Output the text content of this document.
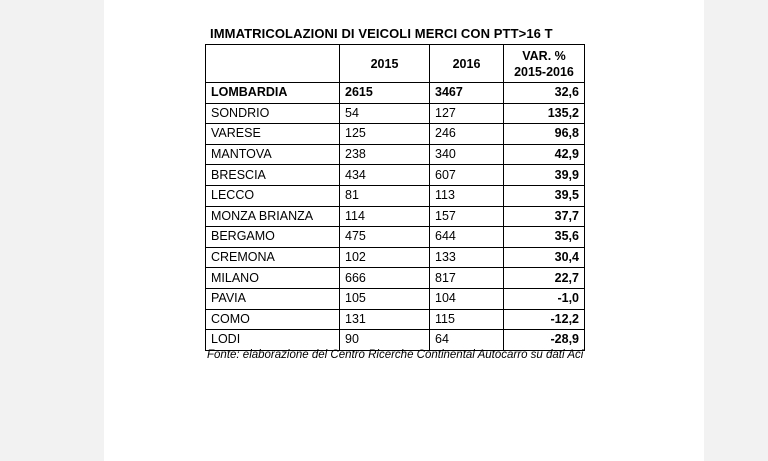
IMMATRICOLAZIONI DI VEICOLI MERCI CON PTT>16 T
	2015	2016	VAR. %
2015-2016
LOMBARDIA	2615	3467	32,6
SONDRIO	54	127	135,2
VARESE	125	246	96,8
MANTOVA	238	340	42,9
BRESCIA	434	607	39,9
LECCO	81	113	39,5
MONZA BRIANZA	114	157	37,7
BERGAMO	475	644	35,6
CREMONA	102	133	30,4
MILANO	666	817	22,7
PAVIA	105	104	-1,0
COMO	131	115	-12,2
LODI	90	64	-28,9
Fonte: elaborazione del Centro Ricerche Continental Autocarro su dati Aci
